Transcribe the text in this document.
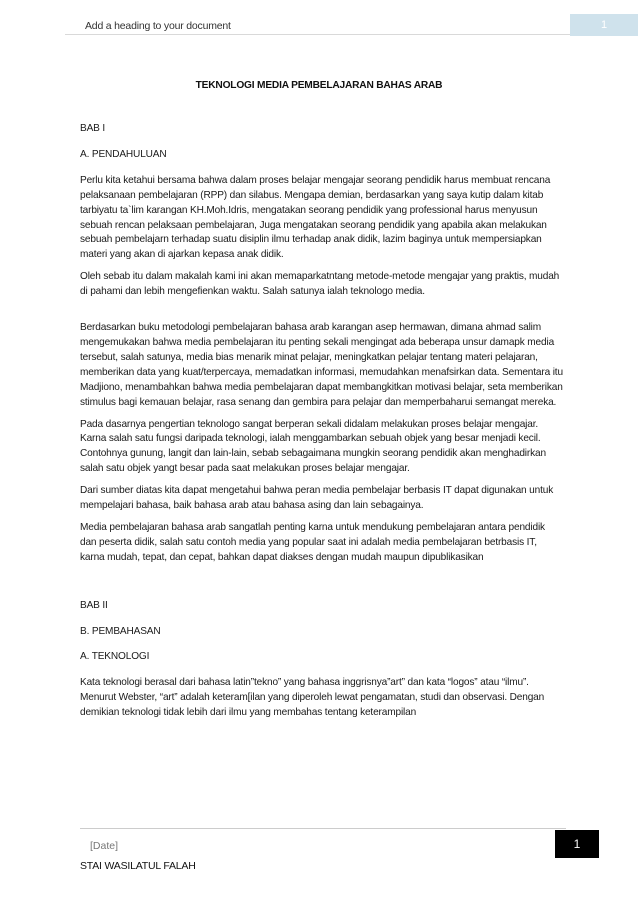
Add a heading to your document	1
TEKNOLOGI MEDIA PEMBELAJARAN BAHAS ARAB

BAB I

A. PENDAHULUAN

Perlu kita ketahui bersama bahwa dalam proses belajar mengajar seorang pendidik harus membuat rencana pelaksanaan pembelajaran (RPP) dan silabus. Mengapa demian, berdasarkan yang saya kutip dalam kitab tarbiyatu ta`lim karangan KH.Moh.Idris, mengatakan seorang pendidik yang professional harus menyusun sebuah rencan pelaksaan pembelajaran, Juga mengatakan seorang pendidik yang apabila akan melakukan sebuah pembelajarn terhadap suatu disiplin ilmu terhadap anak didik, lazim baginya untuk mempersiapkan materi yang akan di ajarkan kepasa anak didik.

Oleh sebab itu dalam makalah kami ini akan memaparkatntang metode-metode mengajar yang praktis, mudah di pahami dan lebih mengefienkan waktu. Salah satunya ialah teknologo media.

Berdasarkan buku metodologi pembelajaran bahasa arab karangan asep hermawan, dimana ahmad salim mengemukakan bahwa media pembelajaran itu penting sekali mengingat ada beberapa unsur damapk media tersebut, salah satunya, media bias menarik minat pelajar, meningkatkan pelajar tentang materi pelajaran, memberikan data yang kuat/terpercaya, memadatkan informasi, memudahkan menafsirkan data. Sementara itu Madjiono, menambahkan bahwa media pembelajaran dapat membangkitkan motivasi belajar, seta memberikan stimulus bagi kemauan belajar, rasa senang dan gembira para pelajar dan memperbaharui semangat mereka.

Pada dasarnya pengertian teknologo sangat berperan sekali didalam melakukan proses belajar mengajar. Karna salah satu fungsi daripada teknologi, ialah menggambarkan sebuah objek yang besar menjadi kecil. Contohnya gunung, langit dan lain-lain, sebab sebagaimana mungkin seorang pendidik akan menghadirkan salah satu objek yangt besar pada saat melakukan proses belajar mengajar.

Dari sumber diatas kita dapat mengetahui bahwa peran media pembelajar berbasis IT dapat digunakan untuk mempelajari bahasa, baik bahasa arab atau bahasa asing dan lain sebagainya.

Media pembelajaran bahasa arab sangatlah penting karna untuk mendukung pembelajaran antara pendidik dan peserta didik, salah satu contoh media yang popular saat ini adalah media pembelajaran betrbasis IT, karna mudah, tepat, dan cepat, bahkan dapat diakses dengan mudah maupun dipublikasikan

BAB II

B. PEMBAHASAN

A. TEKNOLOGI

Kata teknologi berasal dari bahasa latin”tekno” yang bahasa inggrisnya”art” dan kata “logos” atau “ilmu”. Menurut Webster, “art” adalah keteram[ilan yang diperoleh lewat pengamatan, studi dan observasi. Dengan demikian teknologi tidak lebih dari ilmu yang membahas tentang keterampilan

[Date]	1
STAI WASILATUL FALAH
